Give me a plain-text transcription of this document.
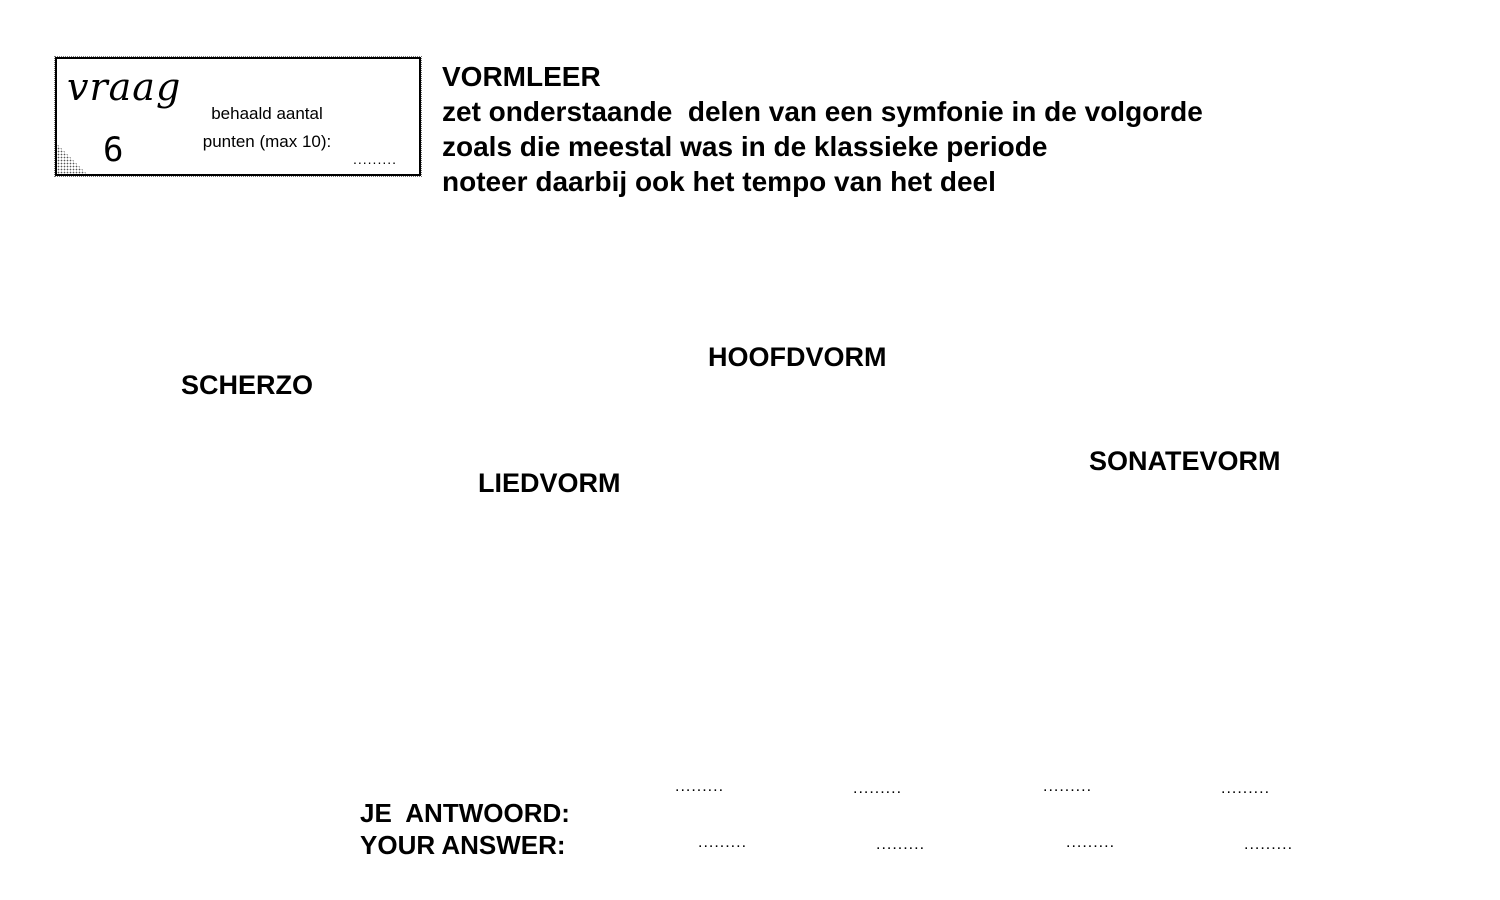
vraag
6
behaald aantal punten (max 10):
.........
VORMLEER
zet onderstaande  delen van een symfonie in de volgorde
zoals die meestal was in de klassieke periode
noteer daarbij ook het tempo van het deel
SCHERZO
HOOFDVORM
LIEDVORM
SONATEVORM
JE  ANTWOORD:
YOUR ANSWER:
.........	.........	.........	.........
.........	.........	.........	.........
